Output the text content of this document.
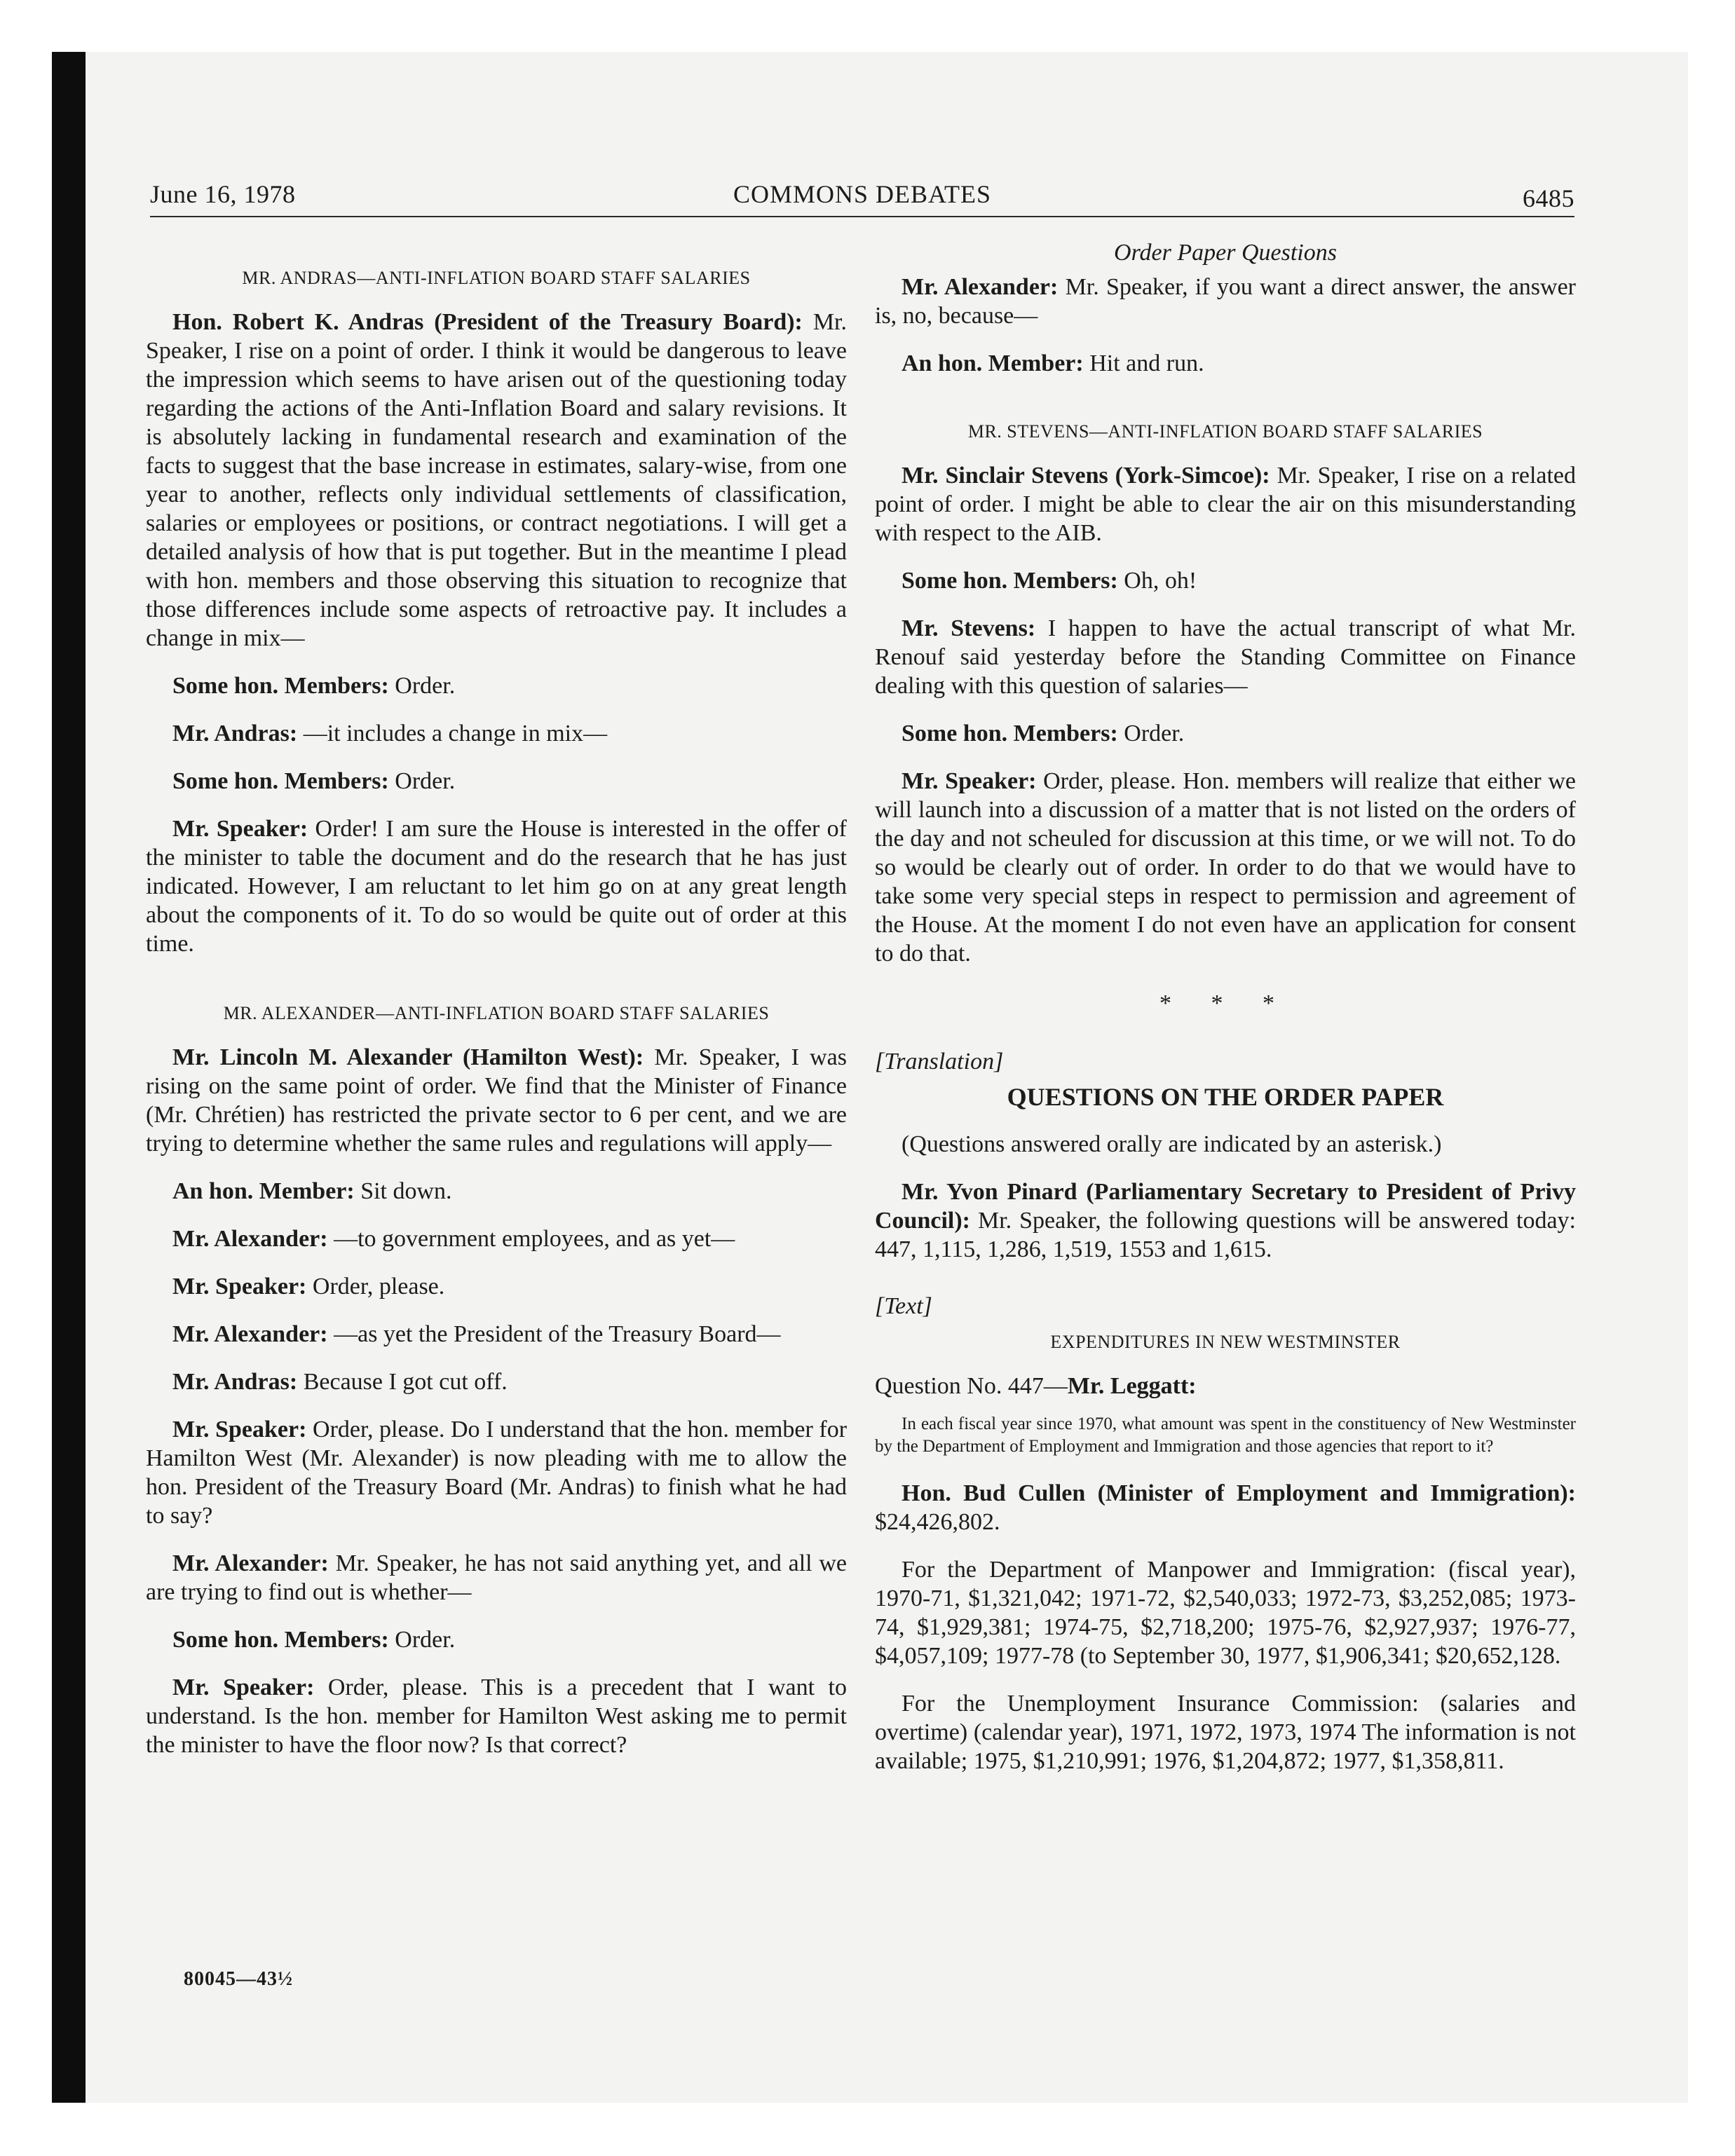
June 16, 1978	COMMONS DEBATES	6485
MR. ANDRAS—ANTI-INFLATION BOARD STAFF SALARIES

Hon. Robert K. Andras (President of the Treasury Board): Mr. Speaker, I rise on a point of order. I think it would be dangerous to leave the impression which seems to have arisen out of the questioning today regarding the actions of the Anti-Inflation Board and salary revisions. It is absolutely lacking in fundamental research and examination of the facts to suggest that the base increase in estimates, salary-wise, from one year to another, reflects only individual settlements of classification, salaries or employees or positions, or contract negotiations. I will get a detailed analysis of how that is put together. But in the meantime I plead with hon. members and those observing this situation to recognize that those differences include some aspects of retroactive pay. It includes a change in mix—

Some hon. Members: Order.

Mr. Andras: —it includes a change in mix—

Some hon. Members: Order.

Mr. Speaker: Order! I am sure the House is interested in the offer of the minister to table the document and do the research that he has just indicated. However, I am reluctant to let him go on at any great length about the components of it. To do so would be quite out of order at this time.

MR. ALEXANDER—ANTI-INFLATION BOARD STAFF SALARIES

Mr. Lincoln M. Alexander (Hamilton West): Mr. Speaker, I was rising on the same point of order. We find that the Minister of Finance (Mr. Chrétien) has restricted the private sector to 6 per cent, and we are trying to determine whether the same rules and regulations will apply—

An hon. Member: Sit down.

Mr. Alexander: —to government employees, and as yet—

Mr. Speaker: Order, please.

Mr. Alexander: —as yet the President of the Treasury Board—

Mr. Andras: Because I got cut off.

Mr. Speaker: Order, please. Do I understand that the hon. member for Hamilton West (Mr. Alexander) is now pleading with me to allow the hon. President of the Treasury Board (Mr. Andras) to finish what he had to say?

Mr. Alexander: Mr. Speaker, he has not said anything yet, and all we are trying to find out is whether—

Some hon. Members: Order.

Mr. Speaker: Order, please. This is a precedent that I want to understand. Is the hon. member for Hamilton West asking me to permit the minister to have the floor now? Is that correct?

Order Paper Questions

Mr. Alexander: Mr. Speaker, if you want a direct answer, the answer is, no, because—

An hon. Member: Hit and run.

MR. STEVENS—ANTI-INFLATION BOARD STAFF SALARIES

Mr. Sinclair Stevens (York-Simcoe): Mr. Speaker, I rise on a related point of order. I might be able to clear the air on this misunderstanding with respect to the AIB.

Some hon. Members: Oh, oh!

Mr. Stevens: I happen to have the actual transcript of what Mr. Renouf said yesterday before the Standing Committee on Finance dealing with this question of salaries—

Some hon. Members: Order.

Mr. Speaker: Order, please. Hon. members will realize that either we will launch into a discussion of a matter that is not listed on the orders of the day and not scheuled for discussion at this time, or we will not. To do so would be clearly out of order. In order to do that we would have to take some very special steps in respect to permission and agreement of the House. At the moment I do not even have an application for consent to do that.

* * *
[Translation]
QUESTIONS ON THE ORDER PAPER

(Questions answered orally are indicated by an asterisk.)

Mr. Yvon Pinard (Parliamentary Secretary to President of Privy Council): Mr. Speaker, the following questions will be answered today: 447, 1,115, 1,286, 1,519, 1553 and 1,615.

[Text]
EXPENDITURES IN NEW WESTMINSTER
Question No. 447—Mr. Leggatt:
In each fiscal year since 1970, what amount was spent in the constituency of New Westminster by the Department of Employment and Immigration and those agencies that report to it?

Hon. Bud Cullen (Minister of Employment and Immigration): $24,426,802.

For the Department of Manpower and Immigration: (fiscal year), 1970-71, $1,321,042; 1971-72, $2,540,033; 1972-73, $3,252,085; 1973-74, $1,929,381; 1974-75, $2,718,200; 1975-76, $2,927,937; 1976-77, $4,057,109; 1977-78 (to September 30, 1977, $1,906,341; $20,652,128.

For the Unemployment Insurance Commission: (salaries and overtime) (calendar year), 1971, 1972, 1973, 1974 The information is not available; 1975, $1,210,991; 1976, $1,204,872; 1977, $1,358,811.

80045—43½
